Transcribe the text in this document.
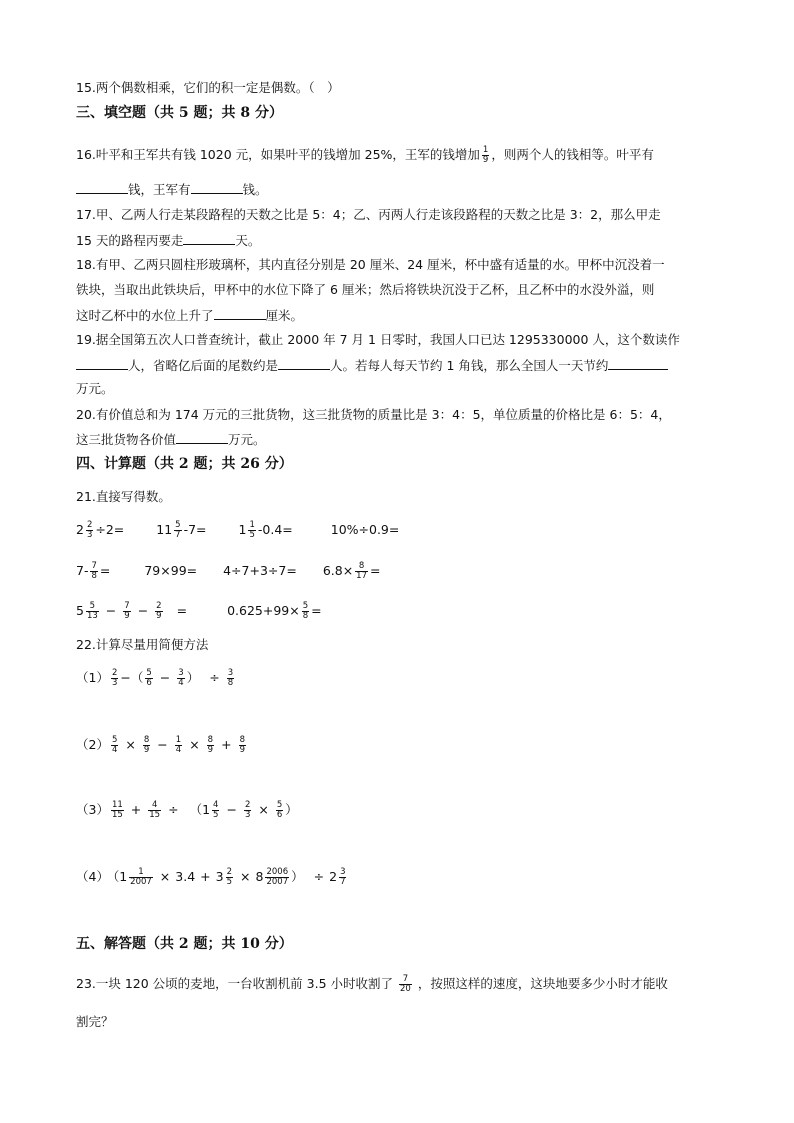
15.两个偶数相乘，它们的积一定是偶数。（　）
三、填空题（共 5 题；共 8 分）
16.叶平和王军共有钱 1020 元，如果叶平的钱增加 25%，王军的钱增加 $\frac{1}{9}$ ，则两个人的钱相等。叶平有
钱，王军有	钱。
17.甲、乙两人行走某段路程的天数之比是 5：4；乙、丙两人行走该段路程的天数之比是 3：2，那么甲走
15 天的路程丙要走	天。
18.有甲、乙两只圆柱形玻璃杯，其内直径分别是 20 厘米、24 厘米，杯中盛有适量的水。甲杯中沉没着一
铁块，当取出此铁块后，甲杯中的水位下降了 6 厘米；然后将铁块沉没于乙杯，且乙杯中的水没外溢，则
这时乙杯中的水位上升了	厘米。
19.据全国第五次人口普查统计，截止 2000 年 7 月 1 日零时，我国人口已达 1295330000 人，这个数读作
人，省略亿后面的尾数约是	人。若每人每天节约 1 角钱，那么全国人一天节约
万元。
20.有价值总和为 174 万元的三批货物，这三批货物的质量比是 3：4：5，单位质量的价格比是 6：5：4，
这三批货物各价值	万元。
四、计算题（共 2 题；共 26 分）
21.直接写得数。
$2 \frac{2}{3} \div 2=$	$11 \frac{5}{7} -7=$	$1 \frac{1}{5} -0.4=$	10%÷0.9=
$7- \frac{7}{8}$ =	$79\times 99= 4\div 7+3\div 7= 6.8\times \frac{8}{17}$ =
$5 \frac{5}{13} - \frac{7}{9} - \frac{2}{9}$ =	$0.625+99\times \frac{5}{8}$ =
22.计算尽量用简便方法
$(1) \frac{2}{3}$ −（ $\frac{5}{6} - \frac{3}{4}$ ） ÷ $\frac{3}{8}$
$(2) \frac{5}{4} \times \frac{8}{9} - \frac{1}{4} \times \frac{8}{9} + \frac{8}{9}$
$(3) \frac{11}{15} + \frac{4}{15} \div (1 \frac{4}{5} - \frac{2}{3} \times \frac{5}{6}$ ）
（4） （$1 \frac{1}{2007} \times 3.4 + 3 \frac{2}{5} \times 8 \frac{2006}{2007}$ ） ÷ $2 \frac{3}{7}$
五、解答题（共 2 题；共 10 分）
23.一块 120 公顷的麦地，一台收割机前 3.5 小时收割了 $\frac{7}{20}$ ，按照这样的速度，这块地要多少小时才能收
割完？
